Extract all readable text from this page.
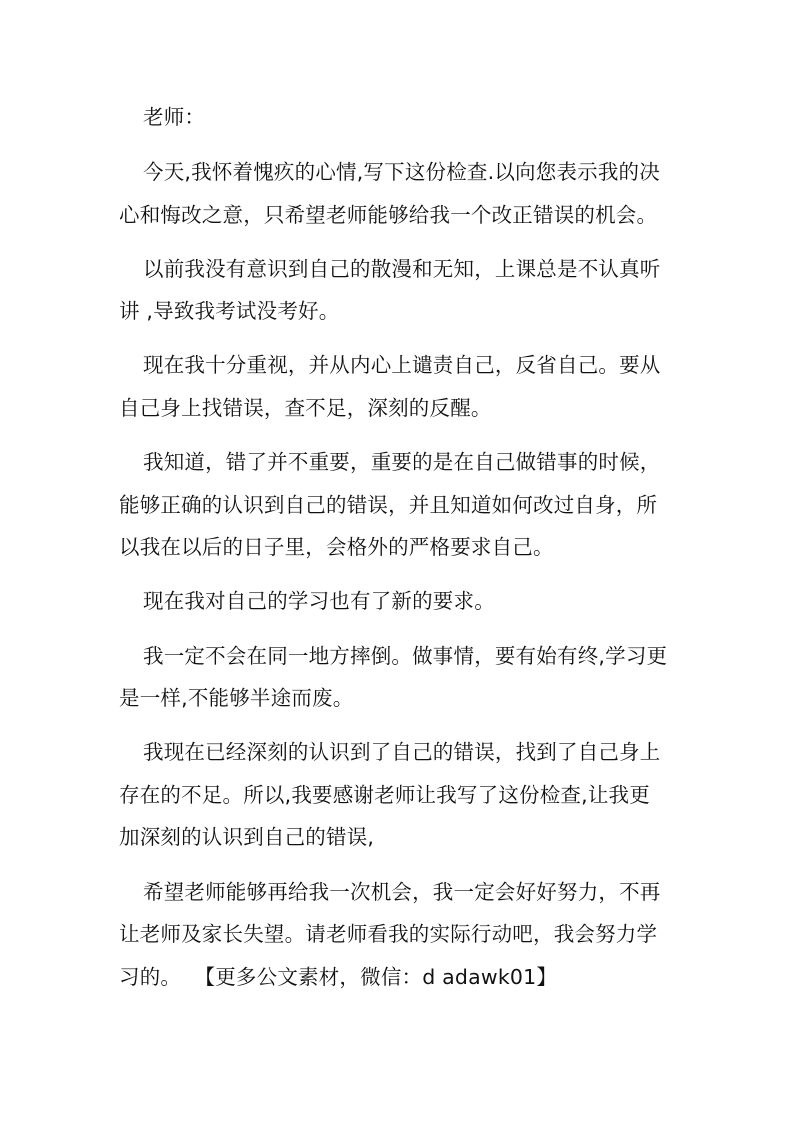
老师：
今天,我怀着愧疚的心情,写下这份检查.以向您表示我的决
心和悔改之意，只希望老师能够给我一个改正错误的机会。
以前我没有意识到自己的散漫和无知，上课总是不认真听
讲 ,导致我考试没考好。
现在我十分重视，并从内心上谴责自己，反省自己。要从
自己身上找错误，查不足，深刻的反醒。
我知道，错了并不重要，重要的是在自己做错事的时候，
能够正确的认识到自己的错误，并且知道如何改过自身，所
以我在以后的日子里，会格外的严格要求自己。
现在我对自己的学习也有了新的要求。
我一定不会在同一地方摔倒。做事情，要有始有终,学习更
是一样,不能够半途而废。
我现在已经深刻的认识到了自己的错误，找到了自己身上
存在的不足。所以,我要感谢老师让我写了这份检查,让我更
加深刻的认识到自己的错误,
希望老师能够再给我一次机会，我一定会好好努力，不再
让老师及家长失望。请老师看我的实际行动吧，我会努力学
习的。  【更多公文素材，微信：d adawk01】
